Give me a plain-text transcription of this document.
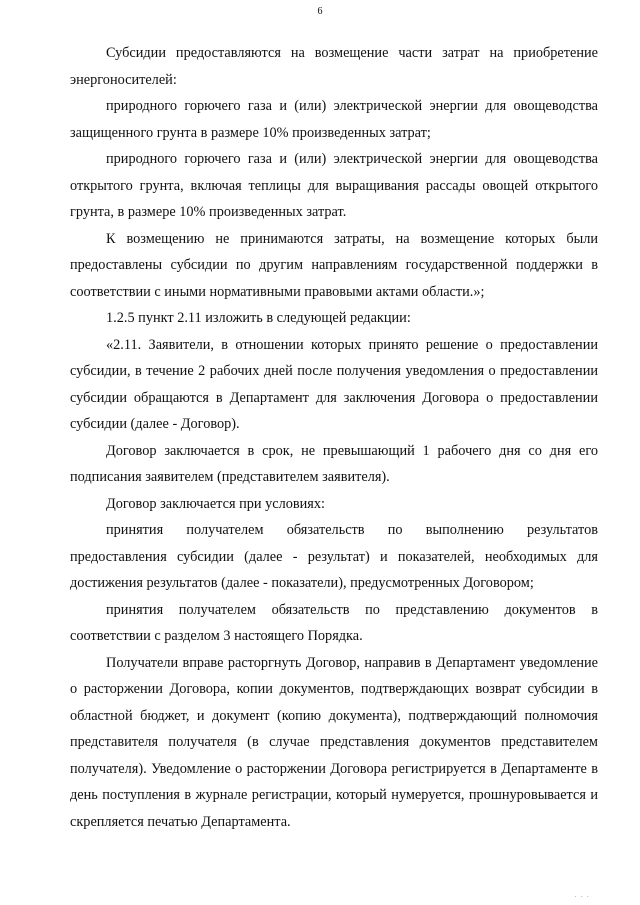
6

Субсидии предоставляются на возмещение части затрат на приобретение энергоносителей:

природного горючего газа и (или) электрической энергии для овощеводства защищенного грунта в размере 10% произведенных затрат;

природного горючего газа и (или) электрической энергии для овощеводства открытого грунта, включая теплицы для выращивания рассады овощей открытого грунта, в размере 10% произведенных затрат.

К возмещению не принимаются затраты, на возмещение которых были предоставлены субсидии по другим направлениям государственной поддержки в соответствии с иными нормативными правовыми актами области.»;

1.2.5 пункт 2.11 изложить в следующей редакции:

«2.11. Заявители, в отношении которых принято решение о предоставлении субсидии, в течение 2 рабочих дней после получения уведомления о предоставлении субсидии обращаются в Департамент для заключения Договора о предоставлении субсидии (далее - Договор).

Договор заключается в срок, не превышающий 1 рабочего дня со дня его подписания заявителем (представителем заявителя).

Договор заключается при условиях:

принятия получателем обязательств по выполнению результатов предоставления субсидии (далее - результат) и показателей, необходимых для достижения результатов (далее - показатели), предусмотренных Договором;

принятия получателем обязательств по представлению документов в соответствии с разделом 3 настоящего Порядка.

Получатели вправе расторгнуть Договор, направив в Департамент уведомление о расторжении Договора, копии документов, подтверждающих возврат субсидии в областной бюджет, и документ (копию документа), подтверждающий полномочия представителя получателя (в случае представления документов представителем получателя). Уведомление о расторжении Договора регистрируется в Департаменте в день поступления в журнале регистрации, который нумеруется, прошнуровывается и скрепляется печатью Департамента.

· · ·
